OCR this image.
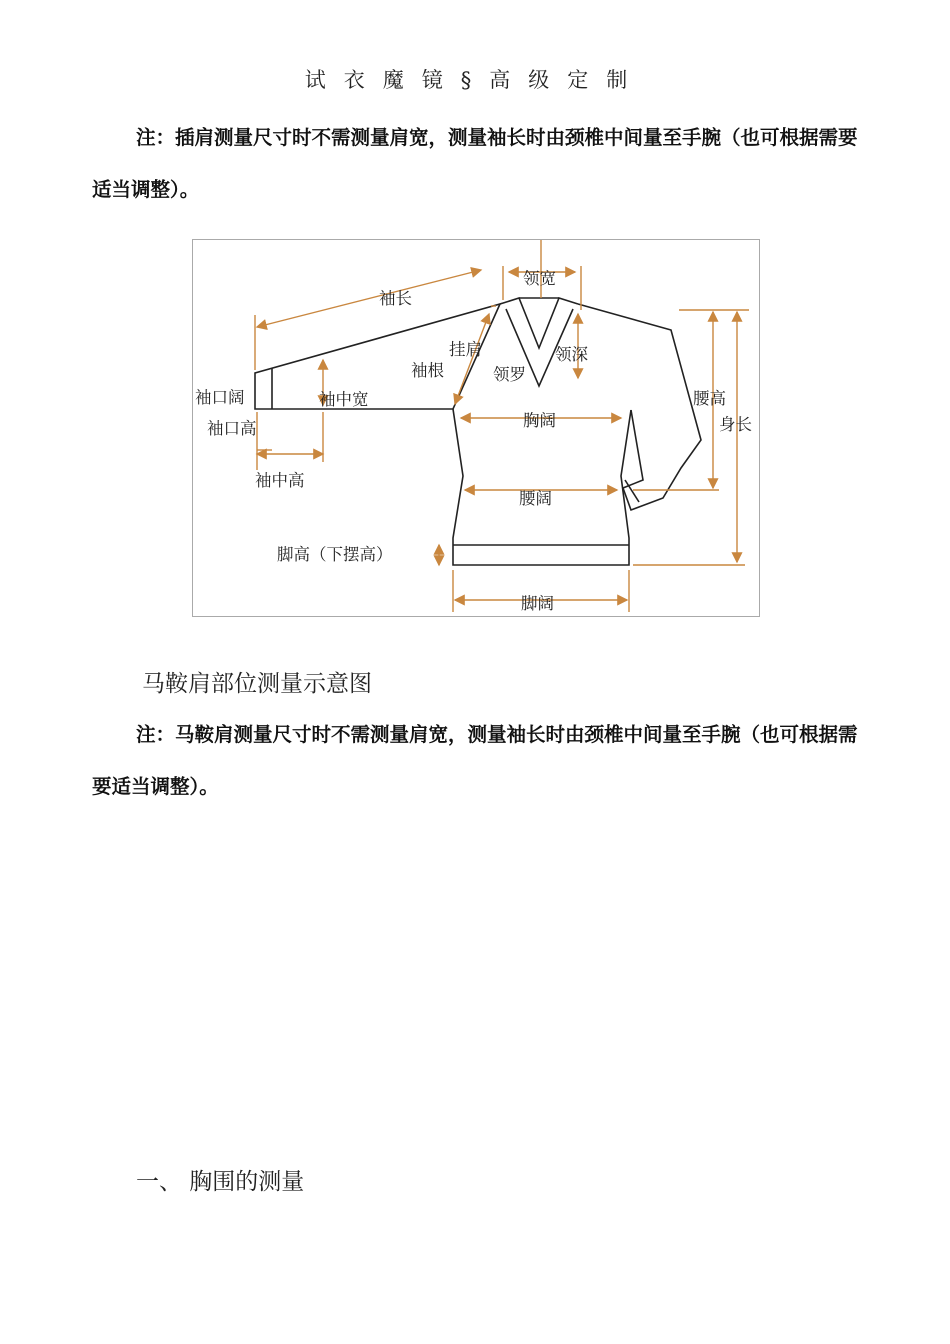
试衣魔镜§高级定制

注：插肩测量尺寸时不需测量肩宽，测量袖长时由颈椎中间量至手腕（也可根据需要适当调整）。

袖长
领宽
挂肩
袖根
领深
领罗
袖口阔	袖中宽
袖口高	胸阔
腰高
身长
袖中高
腰阔
脚高（下摆高）
脚阔
马鞍肩部位测量示意图

注：马鞍肩测量尺寸时不需测量肩宽，测量袖长时由颈椎中间量至手腕（也可根据需要适当调整）。

一、 胸围的测量
